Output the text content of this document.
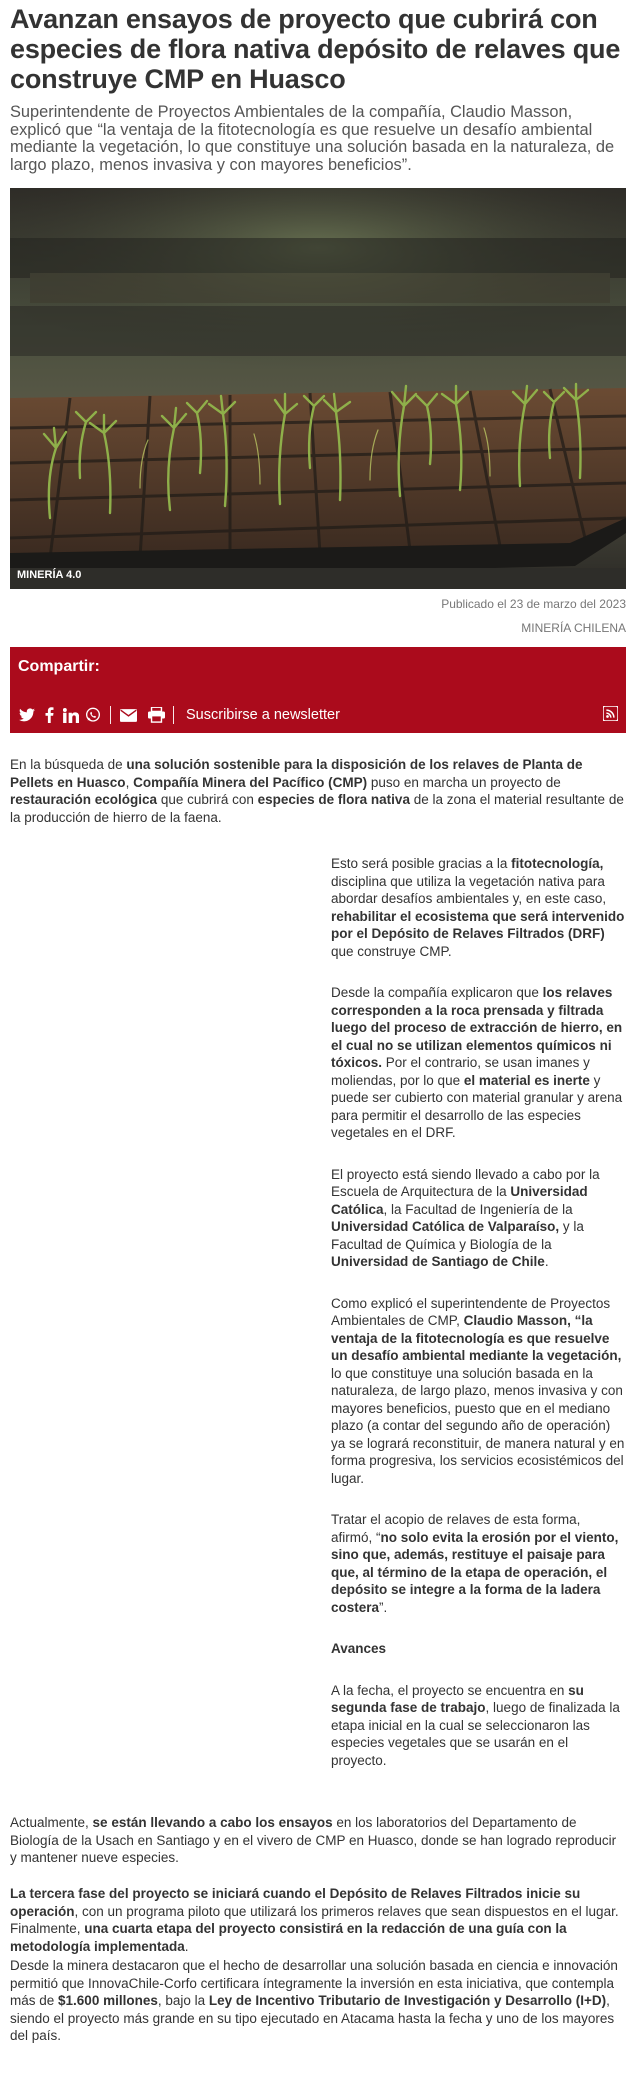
Avanzan ensayos de proyecto que cubrirá con especies de flora nativa depósito de relaves que construye CMP en Huasco

Superintendente de Proyectos Ambientales de la compañía, Claudio Masson, explicó que “la ventaja de la fitotecnología es que resuelve un desafío ambiental mediante la vegetación, lo que constituye una solución basada en la naturaleza, de largo plazo, menos invasiva y con mayores beneficios”.

MINERÍA 4.0
Publicado el 23 de marzo del 2023
MINERÍA CHILENA
Compartir:
Suscribirse a newsletter

En la búsqueda de una solución sostenible para la disposición de los relaves de Planta de Pellets en Huasco, Compañía Minera del Pacífico (CMP) puso en marcha un proyecto de restauración ecológica que cubrirá con especies de flora nativa de la zona el material resultante de la producción de hierro de la faena.

Esto será posible gracias a la fitotecnología, disciplina que utiliza la vegetación nativa para abordar desafíos ambientales y, en este caso, rehabilitar el ecosistema que será intervenido por el Depósito de Relaves Filtrados (DRF) que construye CMP.

Desde la compañía explicaron que los relaves corresponden a la roca prensada y filtrada luego del proceso de extracción de hierro, en el cual no se utilizan elementos químicos ni tóxicos. Por el contrario, se usan imanes y moliendas, por lo que el material es inerte y puede ser cubierto con material granular y arena para permitir el desarrollo de las especies vegetales en el DRF.

El proyecto está siendo llevado a cabo por la Escuela de Arquitectura de la Universidad Católica, la Facultad de Ingeniería de la Universidad Católica de Valparaíso, y la Facultad de Química y Biología de la Universidad de Santiago de Chile.

Como explicó el superintendente de Proyectos Ambientales de CMP, Claudio Masson, “la ventaja de la fitotecnología es que resuelve un desafío ambiental mediante la vegetación, lo que constituye una solución basada en la naturaleza, de largo plazo, menos invasiva y con mayores beneficios, puesto que en el mediano plazo (a contar del segundo año de operación) ya se logrará reconstituir, de manera natural y en forma progresiva, los servicios ecosistémicos del lugar.

Tratar el acopio de relaves de esta forma, afirmó, “no solo evita la erosión por el viento, sino que, además, restituye el paisaje para que, al término de la etapa de operación, el depósito se integre a la forma de la ladera costera”.

Avances

A la fecha, el proyecto se encuentra en su segunda fase de trabajo, luego de finalizada la etapa inicial en la cual se seleccionaron las especies vegetales que se usarán en el proyecto.

Actualmente, se están llevando a cabo los ensayos en los laboratorios del Departamento de Biología de la Usach en Santiago y en el vivero de CMP en Huasco, donde se han logrado reproducir y mantener nueve especies.

La tercera fase del proyecto se iniciará cuando el Depósito de Relaves Filtrados inicie su operación, con un programa piloto que utilizará los primeros relaves que sean dispuestos en el lugar. Finalmente, una cuarta etapa del proyecto consistirá en la redacción de una guía con la metodología implementada.

Desde la minera destacaron que el hecho de desarrollar una solución basada en ciencia e innovación permitió que InnovaChile-Corfo certificara íntegramente la inversión en esta iniciativa, que contempla más de $1.600 millones, bajo la Ley de Incentivo Tributario de Investigación y Desarrollo (I+D), siendo el proyecto más grande en su tipo ejecutado en Atacama hasta la fecha y uno de los mayores del país.
